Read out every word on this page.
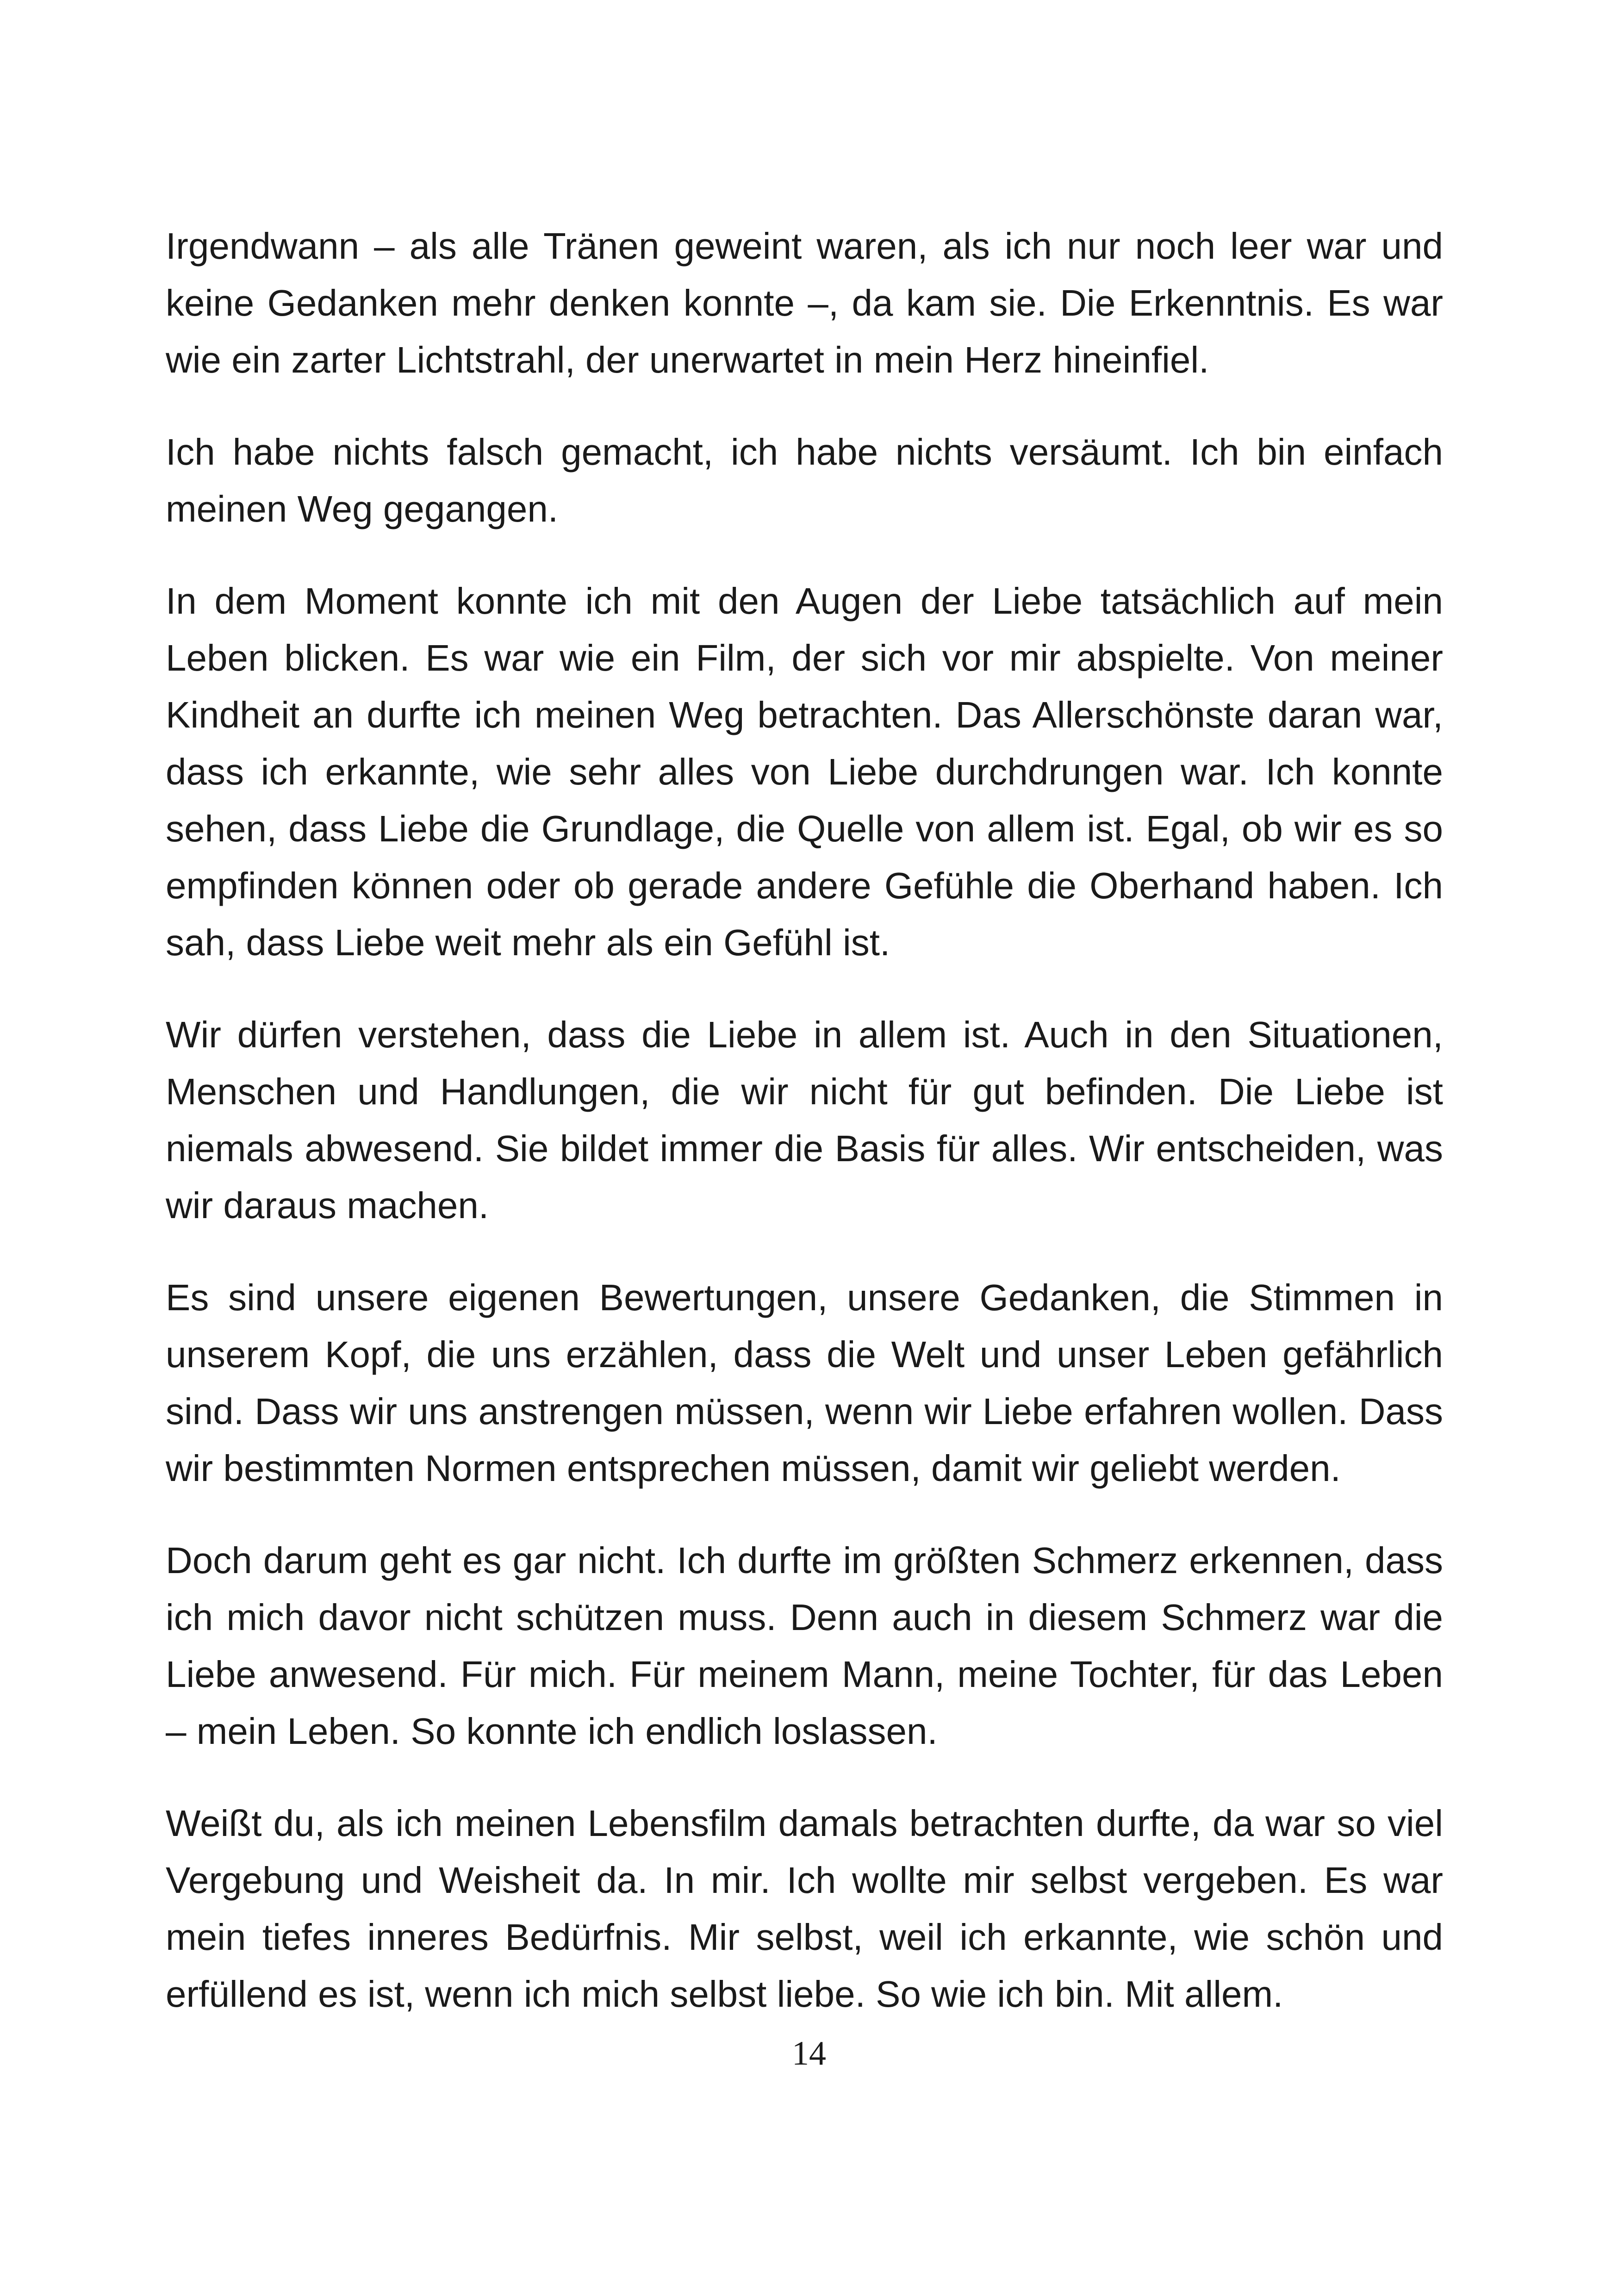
Irgendwann – als alle Tränen geweint waren, als ich nur noch leer war und keine Gedanken mehr denken konnte –, da kam sie. Die Erkenntnis. Es war wie ein zarter Lichtstrahl, der unerwartet in mein Herz hineinfiel.

Ich habe nichts falsch gemacht, ich habe nichts versäumt. Ich bin einfach meinen Weg gegangen.

In dem Moment konnte ich mit den Augen der Liebe tatsächlich auf mein Leben blicken. Es war wie ein Film, der sich vor mir abspielte. Von meiner Kindheit an durfte ich meinen Weg betrachten. Das Allerschönste daran war, dass ich erkannte, wie sehr alles von Liebe durchdrungen war. Ich konnte sehen, dass Liebe die Grundlage, die Quelle von allem ist. Egal, ob wir es so empfinden können oder ob gerade andere Gefühle die Oberhand haben. Ich sah, dass Liebe weit mehr als ein Gefühl ist.

Wir dürfen verstehen, dass die Liebe in allem ist. Auch in den Situationen, Menschen und Handlungen, die wir nicht für gut befinden. Die Liebe ist niemals abwesend. Sie bildet immer die Basis für alles. Wir entscheiden, was wir daraus machen.

Es sind unsere eigenen Bewertungen, unsere Gedanken, die Stimmen in unserem Kopf, die uns erzählen, dass die Welt und unser Leben gefährlich sind. Dass wir uns anstrengen müssen, wenn wir Liebe erfahren wollen. Dass wir bestimmten Normen entsprechen müssen, damit wir geliebt werden.

Doch darum geht es gar nicht. Ich durfte im größten Schmerz erkennen, dass ich mich davor nicht schützen muss. Denn auch in diesem Schmerz war die Liebe anwesend. Für mich. Für meinem Mann, meine Tochter, für das Leben – mein Leben. So konnte ich endlich loslassen.

Weißt du, als ich meinen Lebensfilm damals betrachten durfte, da war so viel Vergebung und Weisheit da. In mir. Ich wollte mir selbst vergeben. Es war mein tiefes inneres Bedürfnis. Mir selbst, weil ich erkannte, wie schön und erfüllend es ist, wenn ich mich selbst liebe. So wie ich bin. Mit allem.

14
